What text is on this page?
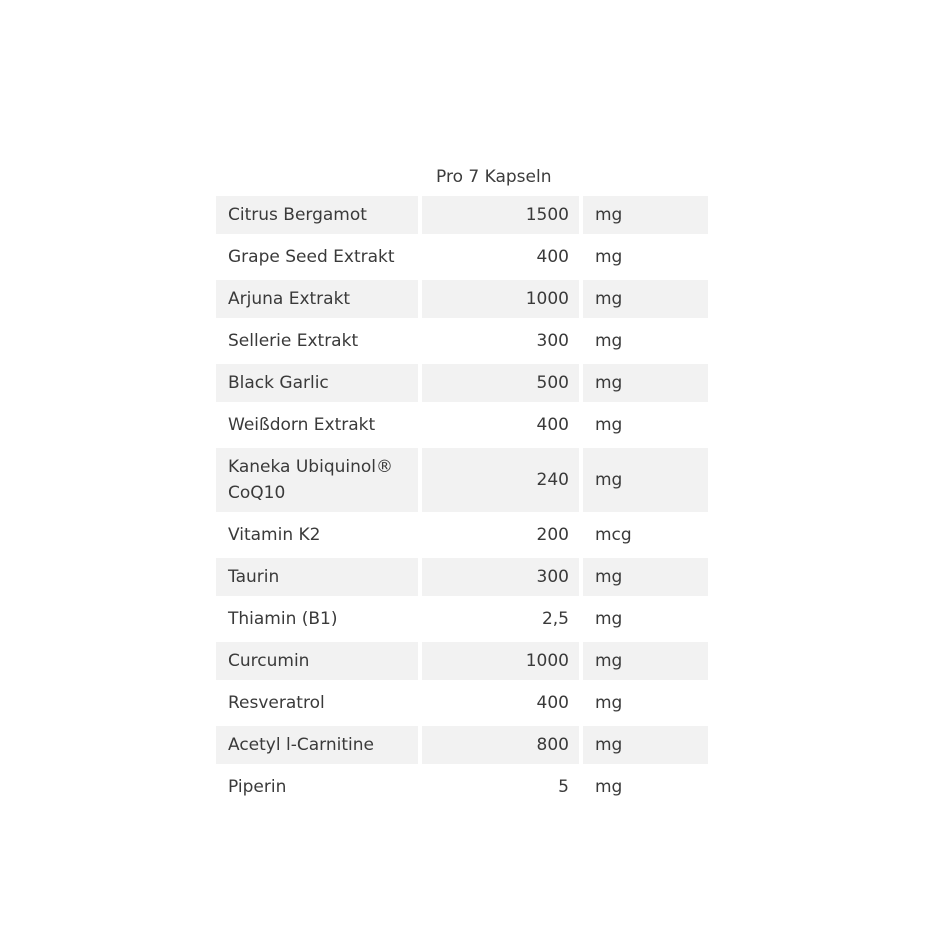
Pro 7 Kapseln
Citrus Bergamot	1500	mg
Grape Seed Extrakt	400	mg
Arjuna Extrakt	1000	mg
Sellerie Extrakt	300	mg
Black Garlic	500	mg
Weißdorn Extrakt	400	mg
Kaneka Ubiquinol® CoQ10	240	mg
Vitamin K2	200	mcg
Taurin	300	mg
Thiamin (B1)	2,5	mg
Curcumin	1000	mg
Resveratrol	400	mg
Acetyl l-Carnitine	800	mg
Piperin	5	mg
